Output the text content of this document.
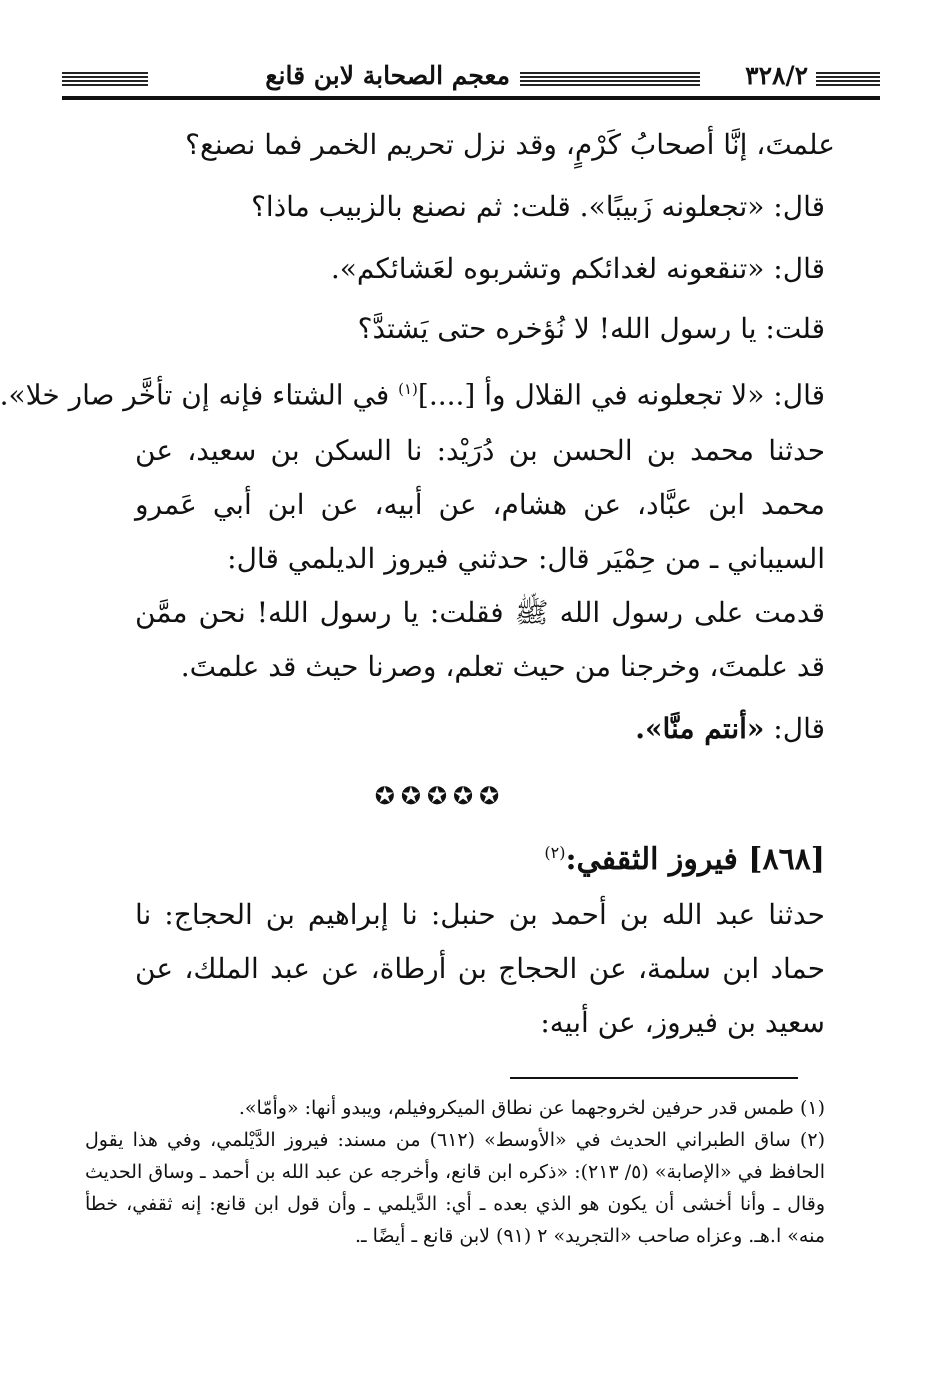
٣٢٨/٢
معجم الصحابة لابن قانع
علمتَ، إنَّا أصحابُ كَرْمٍ، وقد نزل تحريم الخمر فما نصنع؟
قال: «تجعلونه زَبيبًا». قلت: ثم نصنع بالزبيب ماذا؟
قال: «تنقعونه لغدائكم وتشربوه لعَشائكم».
قلت: يا رسول الله! لا نُؤخره حتى يَشتدَّ؟
قال: «لا تجعلونه في القلال وأ [....]$^{(١)}$ في الشتاء فإنه إن تأخَّر صار خلا».
حدثنا محمد بن الحسن بن دُرَيْد: نا السكن بن سعيد، عن محمد ابن عبَّاد، عن هشام، عن أبيه، عن ابن أبي عَمرو السيباني ـ من حِمْيَر قال: حدثني فيروز الديلمي قال:
قدمت على رسول الله ﷺ فقلت: يا رسول الله! نحن ممَّن قد علمتَ، وخرجنا من حيث تعلم، وصرنا حيث قد علمتَ.
قال: «أنتم منَّا».
✪✪✪✪✪
[٨٦٨] فيروز الثقفي:$^{(٢)}$
حدثنا عبد الله بن أحمد بن حنبل: نا إبراهيم بن الحجاج: نا حماد ابن سلمة، عن الحجاج بن أرطاة، عن عبد الملك، عن سعيد بن فيروز، عن أبيه:
(١) طمس قدر حرفين لخروجهما عن نطاق الميكروفيلم، ويبدو أنها: «وأمّا».
(٢) ساق الطبراني الحديث في «الأوسط» (٦١٢) من مسند: فيروز الدَّيْلمي، وفي هذا يقول الحافظ في «الإصابة» (٥/ ٢١٣): «ذكره ابن قانع، وأخرجه عن عبد الله بن أحمد ـ وساق الحديث وقال ـ وأنا أخشى أن يكون هو الذي بعده ـ أي: الدَّيلمي ـ وأن قول ابن قانع: إنه ثقفي، خطأ منه» ا.هـ. وعزاه صاحب «التجريد» ٢ (٩١) لابن قانع ـ أيضًا ـ.
